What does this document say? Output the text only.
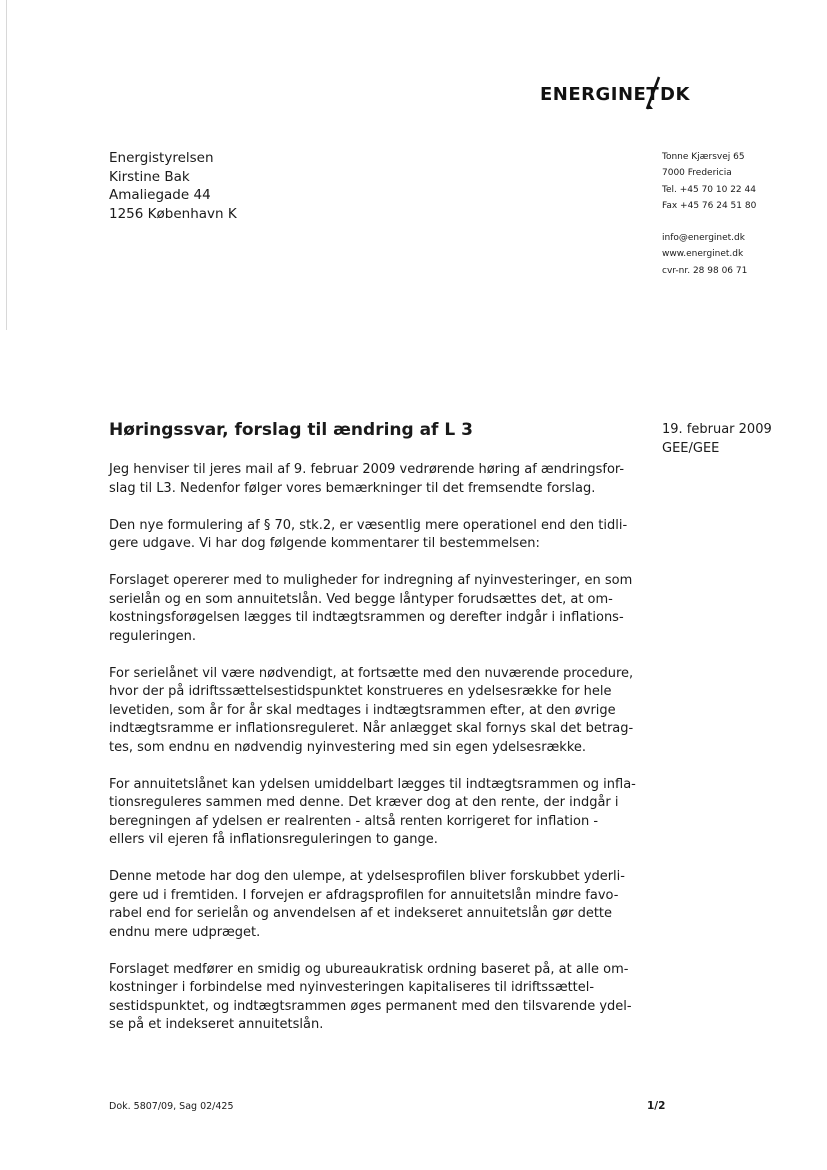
ENERGINET DK
Energistyrelsen
Kirstine Bak
Amaliegade 44
1256 København K
Tonne Kjærsvej 65
7000 Fredericia
Tel. +45 70 10 22 44
Fax +45 76 24 51 80
info@energinet.dk
www.energinet.dk
cvr-nr. 28 98 06 71
Høringssvar, forslag til ændring af L 3	19. februar 2009
GEE/GEE

Jeg henviser til jeres mail af 9. februar 2009 vedrørende høring af ændringsfor-
slag til L3. Nedenfor følger vores bemærkninger til det fremsendte forslag.

Den nye formulering af § 70, stk.2, er væsentlig mere operationel end den tidli-
gere udgave. Vi har dog følgende kommentarer til bestemmelsen:

Forslaget opererer med to muligheder for indregning af nyinvesteringer, en som
serielån og en som annuitetslån. Ved begge låntyper forudsættes det, at om-
kostningsforøgelsen lægges til indtægtsrammen og derefter indgår i inflations-
reguleringen.

For serielånet vil være nødvendigt, at fortsætte med den nuværende procedure,
hvor der på idriftssættelsestidspunktet konstrueres en ydelsesrække for hele
levetiden, som år for år skal medtages i indtægtsrammen efter, at den øvrige
indtægtsramme er inflationsreguleret. Når anlægget skal fornys skal det betrag-
tes, som endnu en nødvendig nyinvestering med sin egen ydelsesrække.

For annuitetslånet kan ydelsen umiddelbart lægges til indtægtsrammen og infla-
tionsreguleres sammen med denne. Det kræver dog at den rente, der indgår i
beregningen af ydelsen er realrenten - altså renten korrigeret for inflation -
ellers vil ejeren få inflationsreguleringen to gange.

Denne metode har dog den ulempe, at ydelsesprofilen bliver forskubbet yderli-
gere ud i fremtiden. I forvejen er afdragsprofilen for annuitetslån mindre favo-
rabel end for serielån og anvendelsen af et indekseret annuitetslån gør dette
endnu mere udpræget.

Forslaget medfører en smidig og ubureaukratisk ordning baseret på, at alle om-
kostninger i forbindelse med nyinvesteringen kapitaliseres til idriftssættel-
sestidspunktet, og indtægtsrammen øges permanent med den tilsvarende ydel-
se på et indekseret annuitetslån.

Dok. 5807/09, Sag 02/425	1/2
